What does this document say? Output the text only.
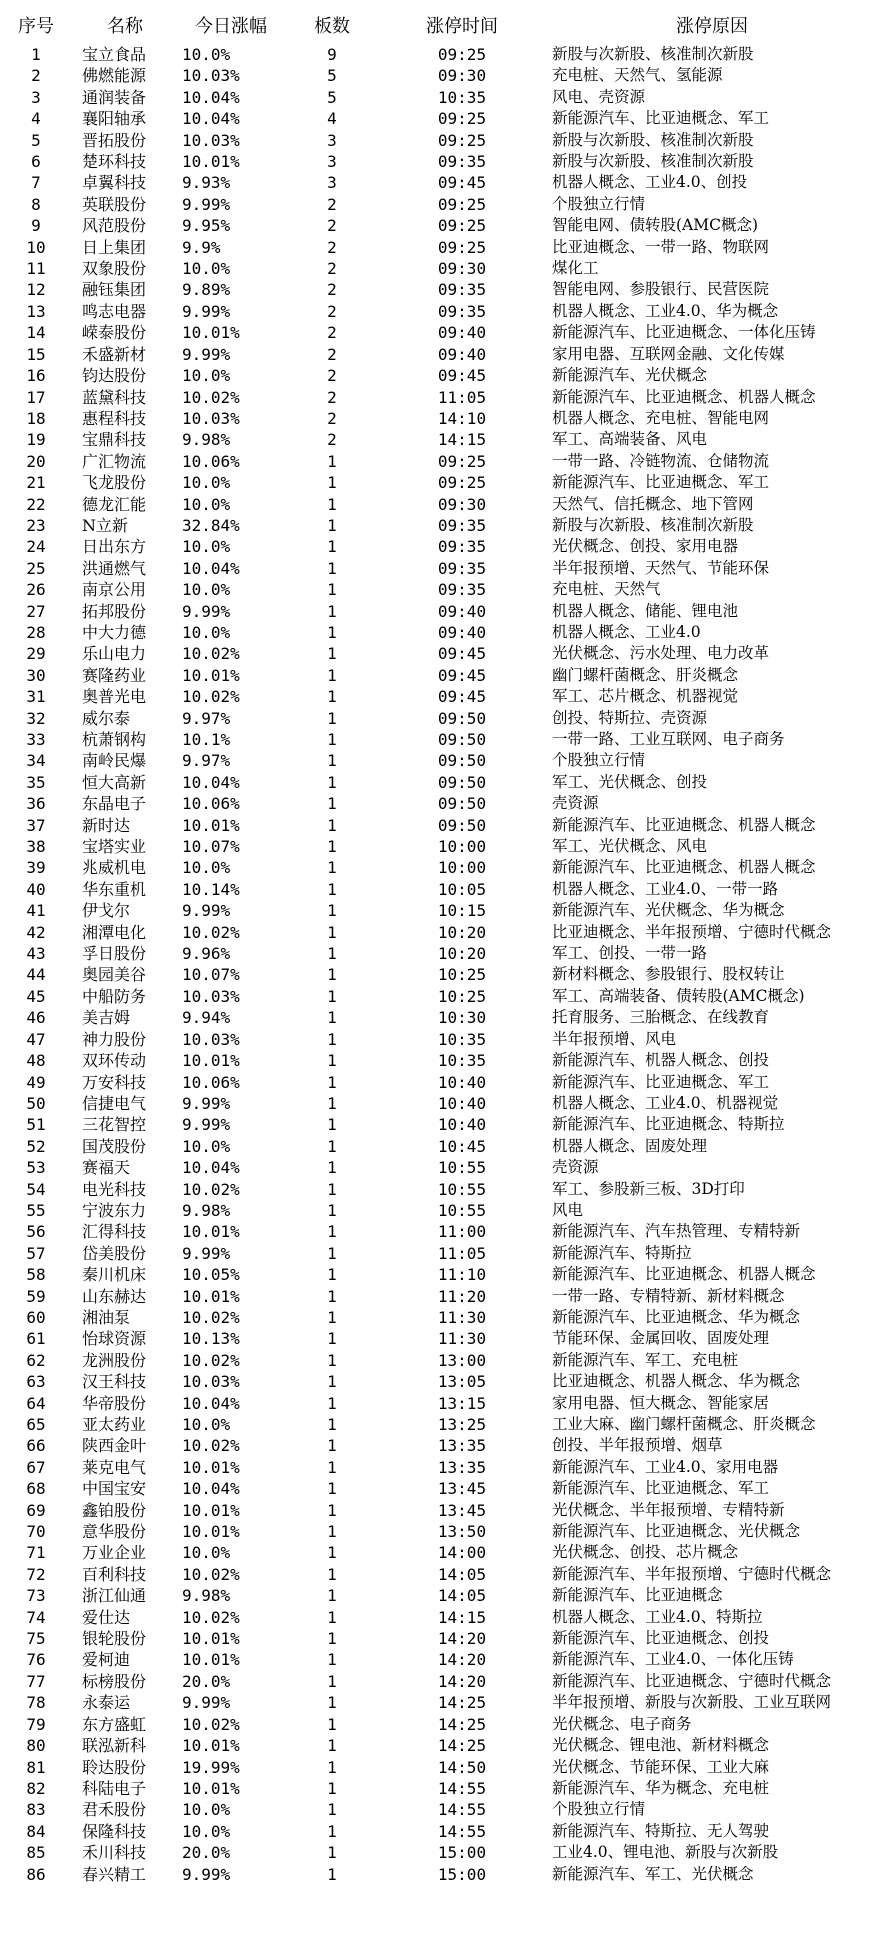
序号	名称	今日涨幅	板数	涨停时间	涨停原因
1	宝立食品	10.0%	9	09:25	新股与次新股、核准制次新股
2	佛燃能源	10.03%	5	09:30	充电桩、天然气、氢能源
3	通润装备	10.04%	5	10:35	风电、壳资源
4	襄阳轴承	10.04%	4	09:25	新能源汽车、比亚迪概念、军工
5	晋拓股份	10.03%	3	09:25	新股与次新股、核准制次新股
6	楚环科技	10.01%	3	09:35	新股与次新股、核准制次新股
7	卓翼科技	9.93%	3	09:45	机器人概念、工业4.0、创投
8	英联股份	9.99%	2	09:25	个股独立行情
9	风范股份	9.95%	2	09:25	智能电网、债转股(AMC概念)
10	日上集团	9.9%	2	09:25	比亚迪概念、一带一路、物联网
11	双象股份	10.0%	2	09:30	煤化工
12	融钰集团	9.89%	2	09:35	智能电网、参股银行、民营医院
13	鸣志电器	9.99%	2	09:35	机器人概念、工业4.0、华为概念
14	嵘泰股份	10.01%	2	09:40	新能源汽车、比亚迪概念、一体化压铸
15	禾盛新材	9.99%	2	09:40	家用电器、互联网金融、文化传媒
16	钧达股份	10.0%	2	09:45	新能源汽车、光伏概念
17	蓝黛科技	10.02%	2	11:05	新能源汽车、比亚迪概念、机器人概念
18	惠程科技	10.03%	2	14:10	机器人概念、充电桩、智能电网
19	宝鼎科技	9.98%	2	14:15	军工、高端装备、风电
20	广汇物流	10.06%	1	09:25	一带一路、冷链物流、仓储物流
21	飞龙股份	10.0%	1	09:25	新能源汽车、比亚迪概念、军工
22	德龙汇能	10.0%	1	09:30	天然气、信托概念、地下管网
23	N立新	32.84%	1	09:35	新股与次新股、核准制次新股
24	日出东方	10.0%	1	09:35	光伏概念、创投、家用电器
25	洪通燃气	10.04%	1	09:35	半年报预增、天然气、节能环保
26	南京公用	10.0%	1	09:35	充电桩、天然气
27	拓邦股份	9.99%	1	09:40	机器人概念、储能、锂电池
28	中大力德	10.0%	1	09:40	机器人概念、工业4.0
29	乐山电力	10.02%	1	09:45	光伏概念、污水处理、电力改革
30	赛隆药业	10.01%	1	09:45	幽门螺杆菌概念、肝炎概念
31	奥普光电	10.02%	1	09:45	军工、芯片概念、机器视觉
32	威尔泰	9.97%	1	09:50	创投、特斯拉、壳资源
33	杭萧钢构	10.1%	1	09:50	一带一路、工业互联网、电子商务
34	南岭民爆	9.97%	1	09:50	个股独立行情
35	恒大高新	10.04%	1	09:50	军工、光伏概念、创投
36	东晶电子	10.06%	1	09:50	壳资源
37	新时达	10.01%	1	09:50	新能源汽车、比亚迪概念、机器人概念
38	宝塔实业	10.07%	1	10:00	军工、光伏概念、风电
39	兆威机电	10.0%	1	10:00	新能源汽车、比亚迪概念、机器人概念
40	华东重机	10.14%	1	10:05	机器人概念、工业4.0、一带一路
41	伊戈尔	9.99%	1	10:15	新能源汽车、光伏概念、华为概念
42	湘潭电化	10.02%	1	10:20	比亚迪概念、半年报预增、宁德时代概念
43	孚日股份	9.96%	1	10:20	军工、创投、一带一路
44	奥园美谷	10.07%	1	10:25	新材料概念、参股银行、股权转让
45	中船防务	10.03%	1	10:25	军工、高端装备、债转股(AMC概念)
46	美吉姆	9.94%	1	10:30	托育服务、三胎概念、在线教育
47	神力股份	10.03%	1	10:35	半年报预增、风电
48	双环传动	10.01%	1	10:35	新能源汽车、机器人概念、创投
49	万安科技	10.06%	1	10:40	新能源汽车、比亚迪概念、军工
50	信捷电气	9.99%	1	10:40	机器人概念、工业4.0、机器视觉
51	三花智控	9.99%	1	10:40	新能源汽车、比亚迪概念、特斯拉
52	国茂股份	10.0%	1	10:45	机器人概念、固废处理
53	赛福天	10.04%	1	10:55	壳资源
54	电光科技	10.02%	1	10:55	军工、参股新三板、3D打印
55	宁波东力	9.98%	1	10:55	风电
56	汇得科技	10.01%	1	11:00	新能源汽车、汽车热管理、专精特新
57	岱美股份	9.99%	1	11:05	新能源汽车、特斯拉
58	秦川机床	10.05%	1	11:10	新能源汽车、比亚迪概念、机器人概念
59	山东赫达	10.01%	1	11:20	一带一路、专精特新、新材料概念
60	湘油泵	10.02%	1	11:30	新能源汽车、比亚迪概念、华为概念
61	怡球资源	10.13%	1	11:30	节能环保、金属回收、固废处理
62	龙洲股份	10.02%	1	13:00	新能源汽车、军工、充电桩
63	汉王科技	10.03%	1	13:05	比亚迪概念、机器人概念、华为概念
64	华帝股份	10.04%	1	13:15	家用电器、恒大概念、智能家居
65	亚太药业	10.0%	1	13:25	工业大麻、幽门螺杆菌概念、肝炎概念
66	陕西金叶	10.02%	1	13:35	创投、半年报预增、烟草
67	莱克电气	10.01%	1	13:35	新能源汽车、工业4.0、家用电器
68	中国宝安	10.04%	1	13:45	新能源汽车、比亚迪概念、军工
69	鑫铂股份	10.01%	1	13:45	光伏概念、半年报预增、专精特新
70	意华股份	10.01%	1	13:50	新能源汽车、比亚迪概念、光伏概念
71	万业企业	10.0%	1	14:00	光伏概念、创投、芯片概念
72	百利科技	10.02%	1	14:05	新能源汽车、半年报预增、宁德时代概念
73	浙江仙通	9.98%	1	14:05	新能源汽车、比亚迪概念
74	爱仕达	10.02%	1	14:15	机器人概念、工业4.0、特斯拉
75	银轮股份	10.01%	1	14:20	新能源汽车、比亚迪概念、创投
76	爱柯迪	10.01%	1	14:20	新能源汽车、工业4.0、一体化压铸
77	标榜股份	20.0%	1	14:20	新能源汽车、比亚迪概念、宁德时代概念
78	永泰运	9.99%	1	14:25	半年报预增、新股与次新股、工业互联网
79	东方盛虹	10.02%	1	14:25	光伏概念、电子商务
80	联泓新科	10.01%	1	14:25	光伏概念、锂电池、新材料概念
81	聆达股份	19.99%	1	14:50	光伏概念、节能环保、工业大麻
82	科陆电子	10.01%	1	14:55	新能源汽车、华为概念、充电桩
83	君禾股份	10.0%	1	14:55	个股独立行情
84	保隆科技	10.0%	1	14:55	新能源汽车、特斯拉、无人驾驶
85	禾川科技	20.0%	1	15:00	工业4.0、锂电池、新股与次新股
86	春兴精工	9.99%	1	15:00	新能源汽车、军工、光伏概念
